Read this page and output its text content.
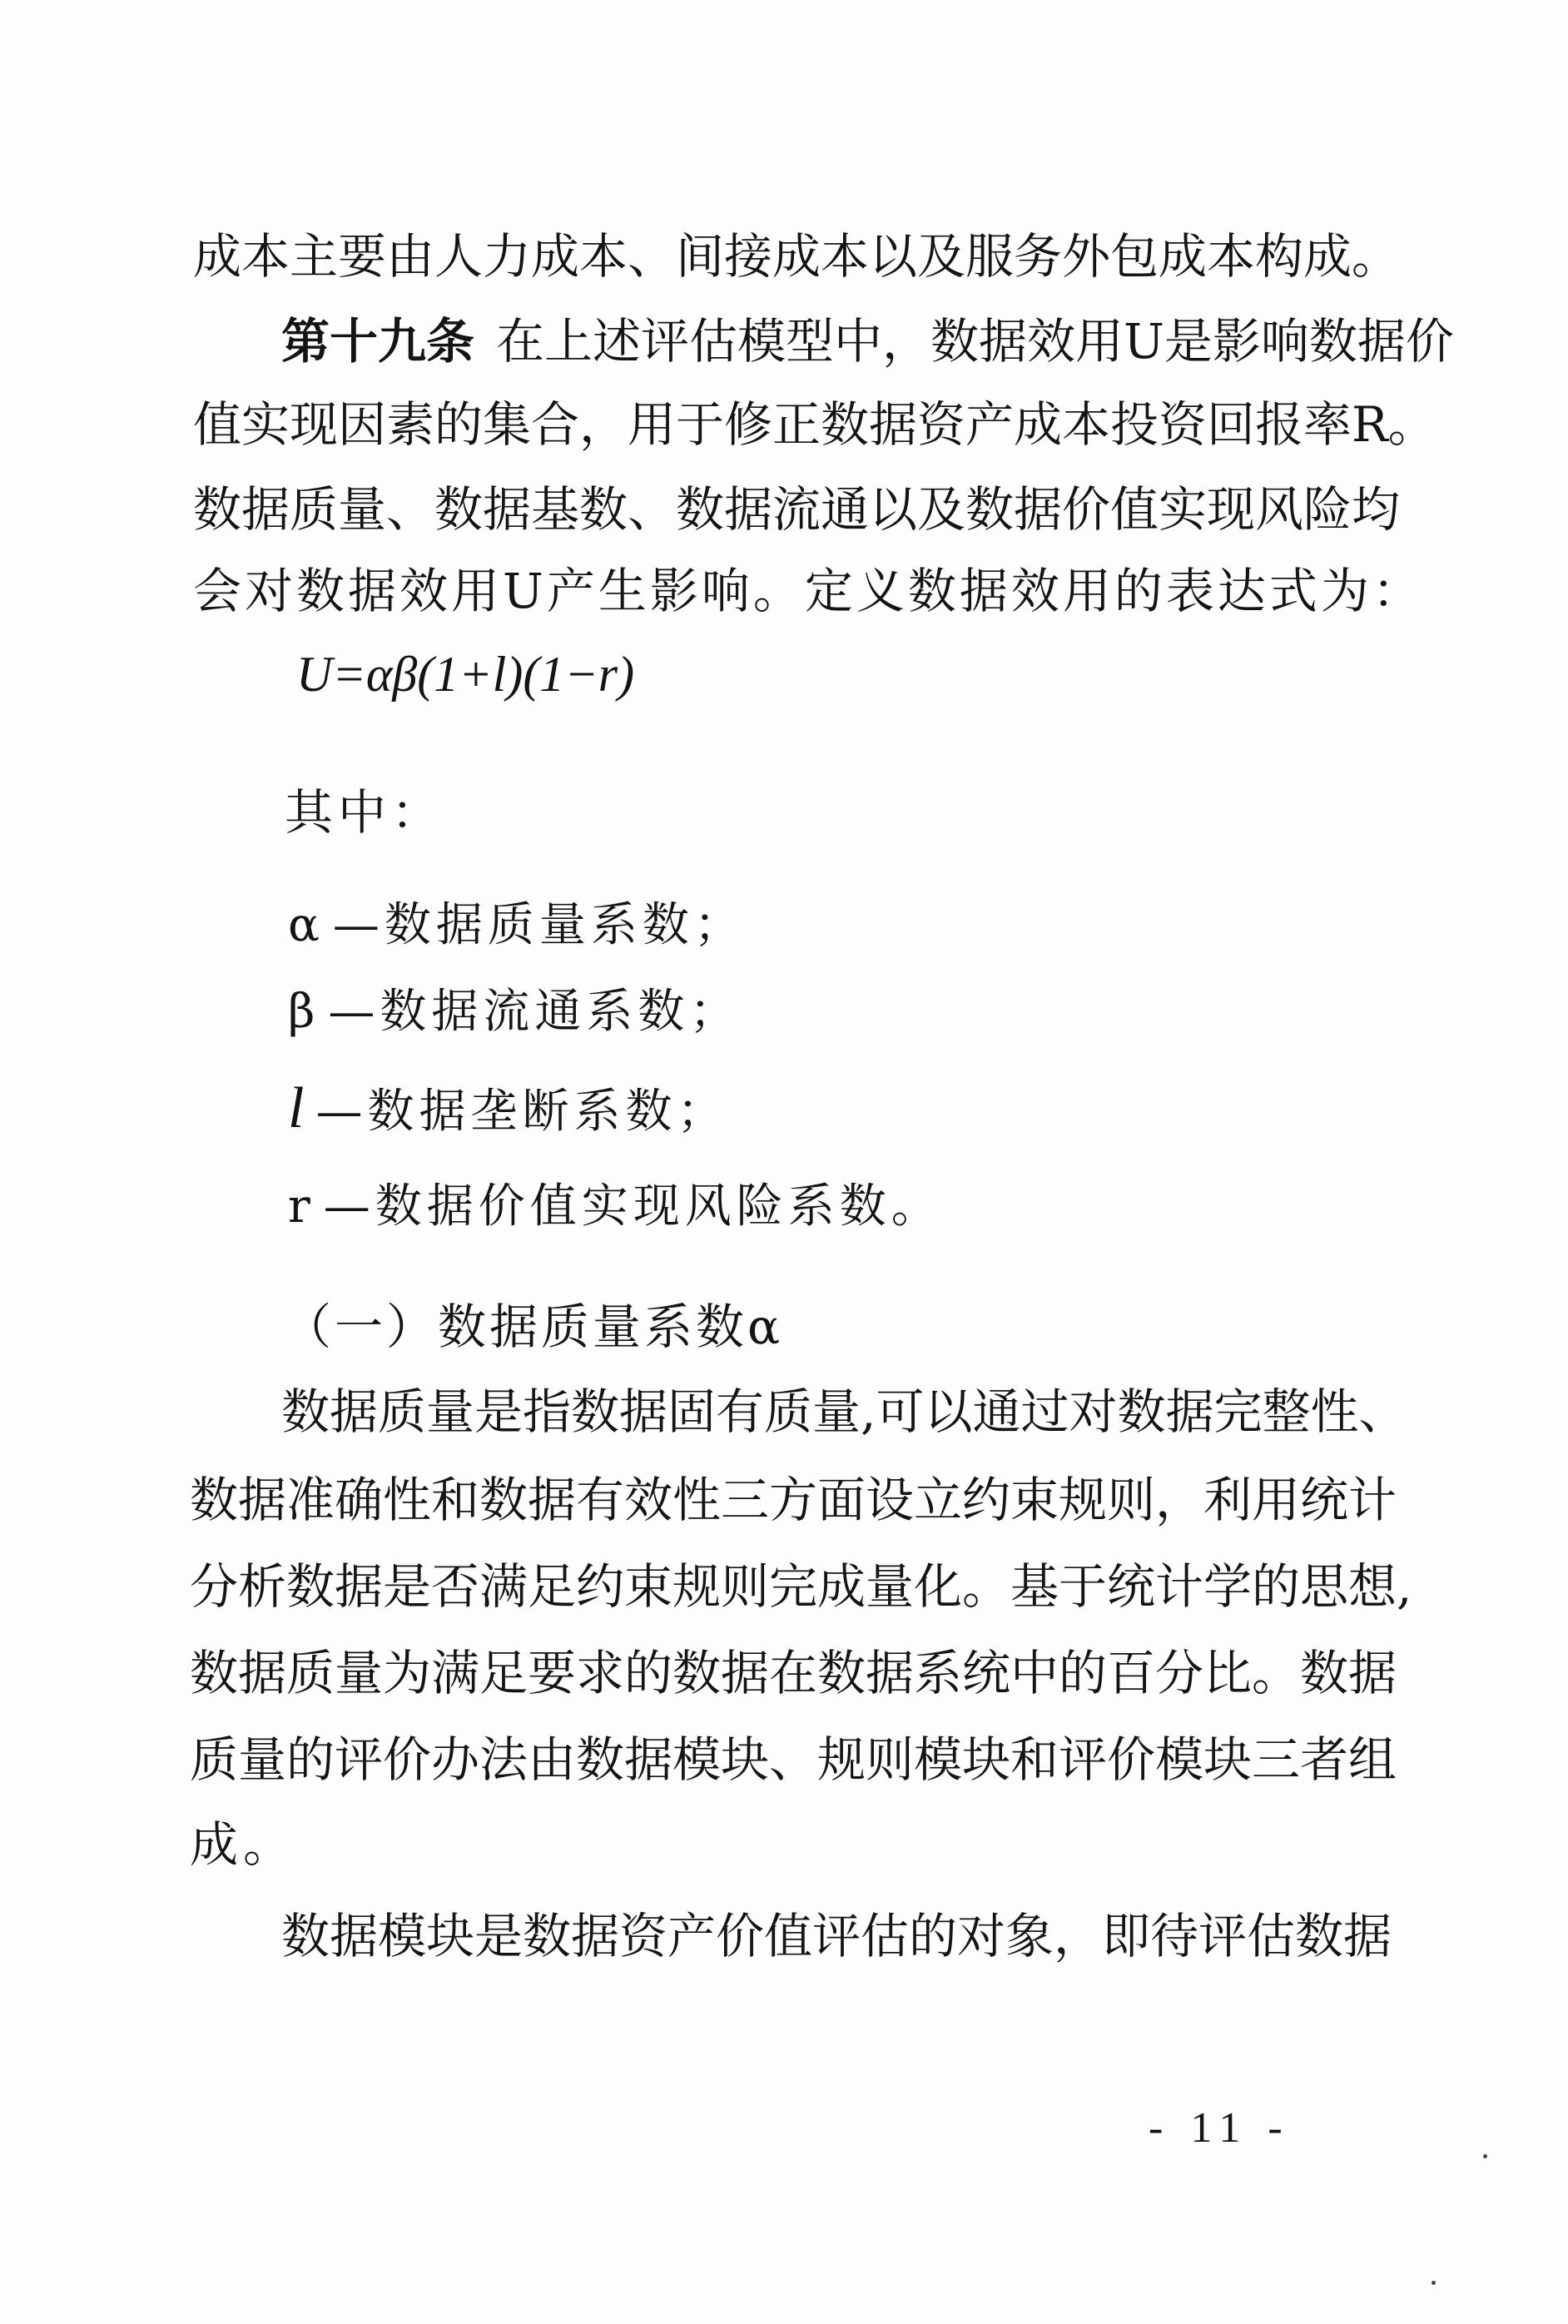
成本主要由人力成本、间接成本以及服务外包成本构成。
第十九条 在上述评估模型中，数据效用U是影响数据价
值实现因素的集合，用于修正数据资产成本投资回报率R。
数据质量、数据基数、数据流通以及数据价值实现风险均
会对数据效用U产生影响。定义数据效用的表达式为：
U=αβ(1+l)(1−r)
其中：
α —数据质量系数；
β —数据流通系数；
l —数据垄断系数；
r —数据价值实现风险系数。
（一）数据质量系数α
数据质量是指数据固有质量,可以通过对数据完整性、
数据准确性和数据有效性三方面设立约束规则，利用统计
分析数据是否满足约束规则完成量化。基于统计学的思想,
数据质量为满足要求的数据在数据系统中的百分比。数据
质量的评价办法由数据模块、规则模块和评价模块三者组
成。
数据模块是数据资产价值评估的对象，即待评估数据
- 11 -
